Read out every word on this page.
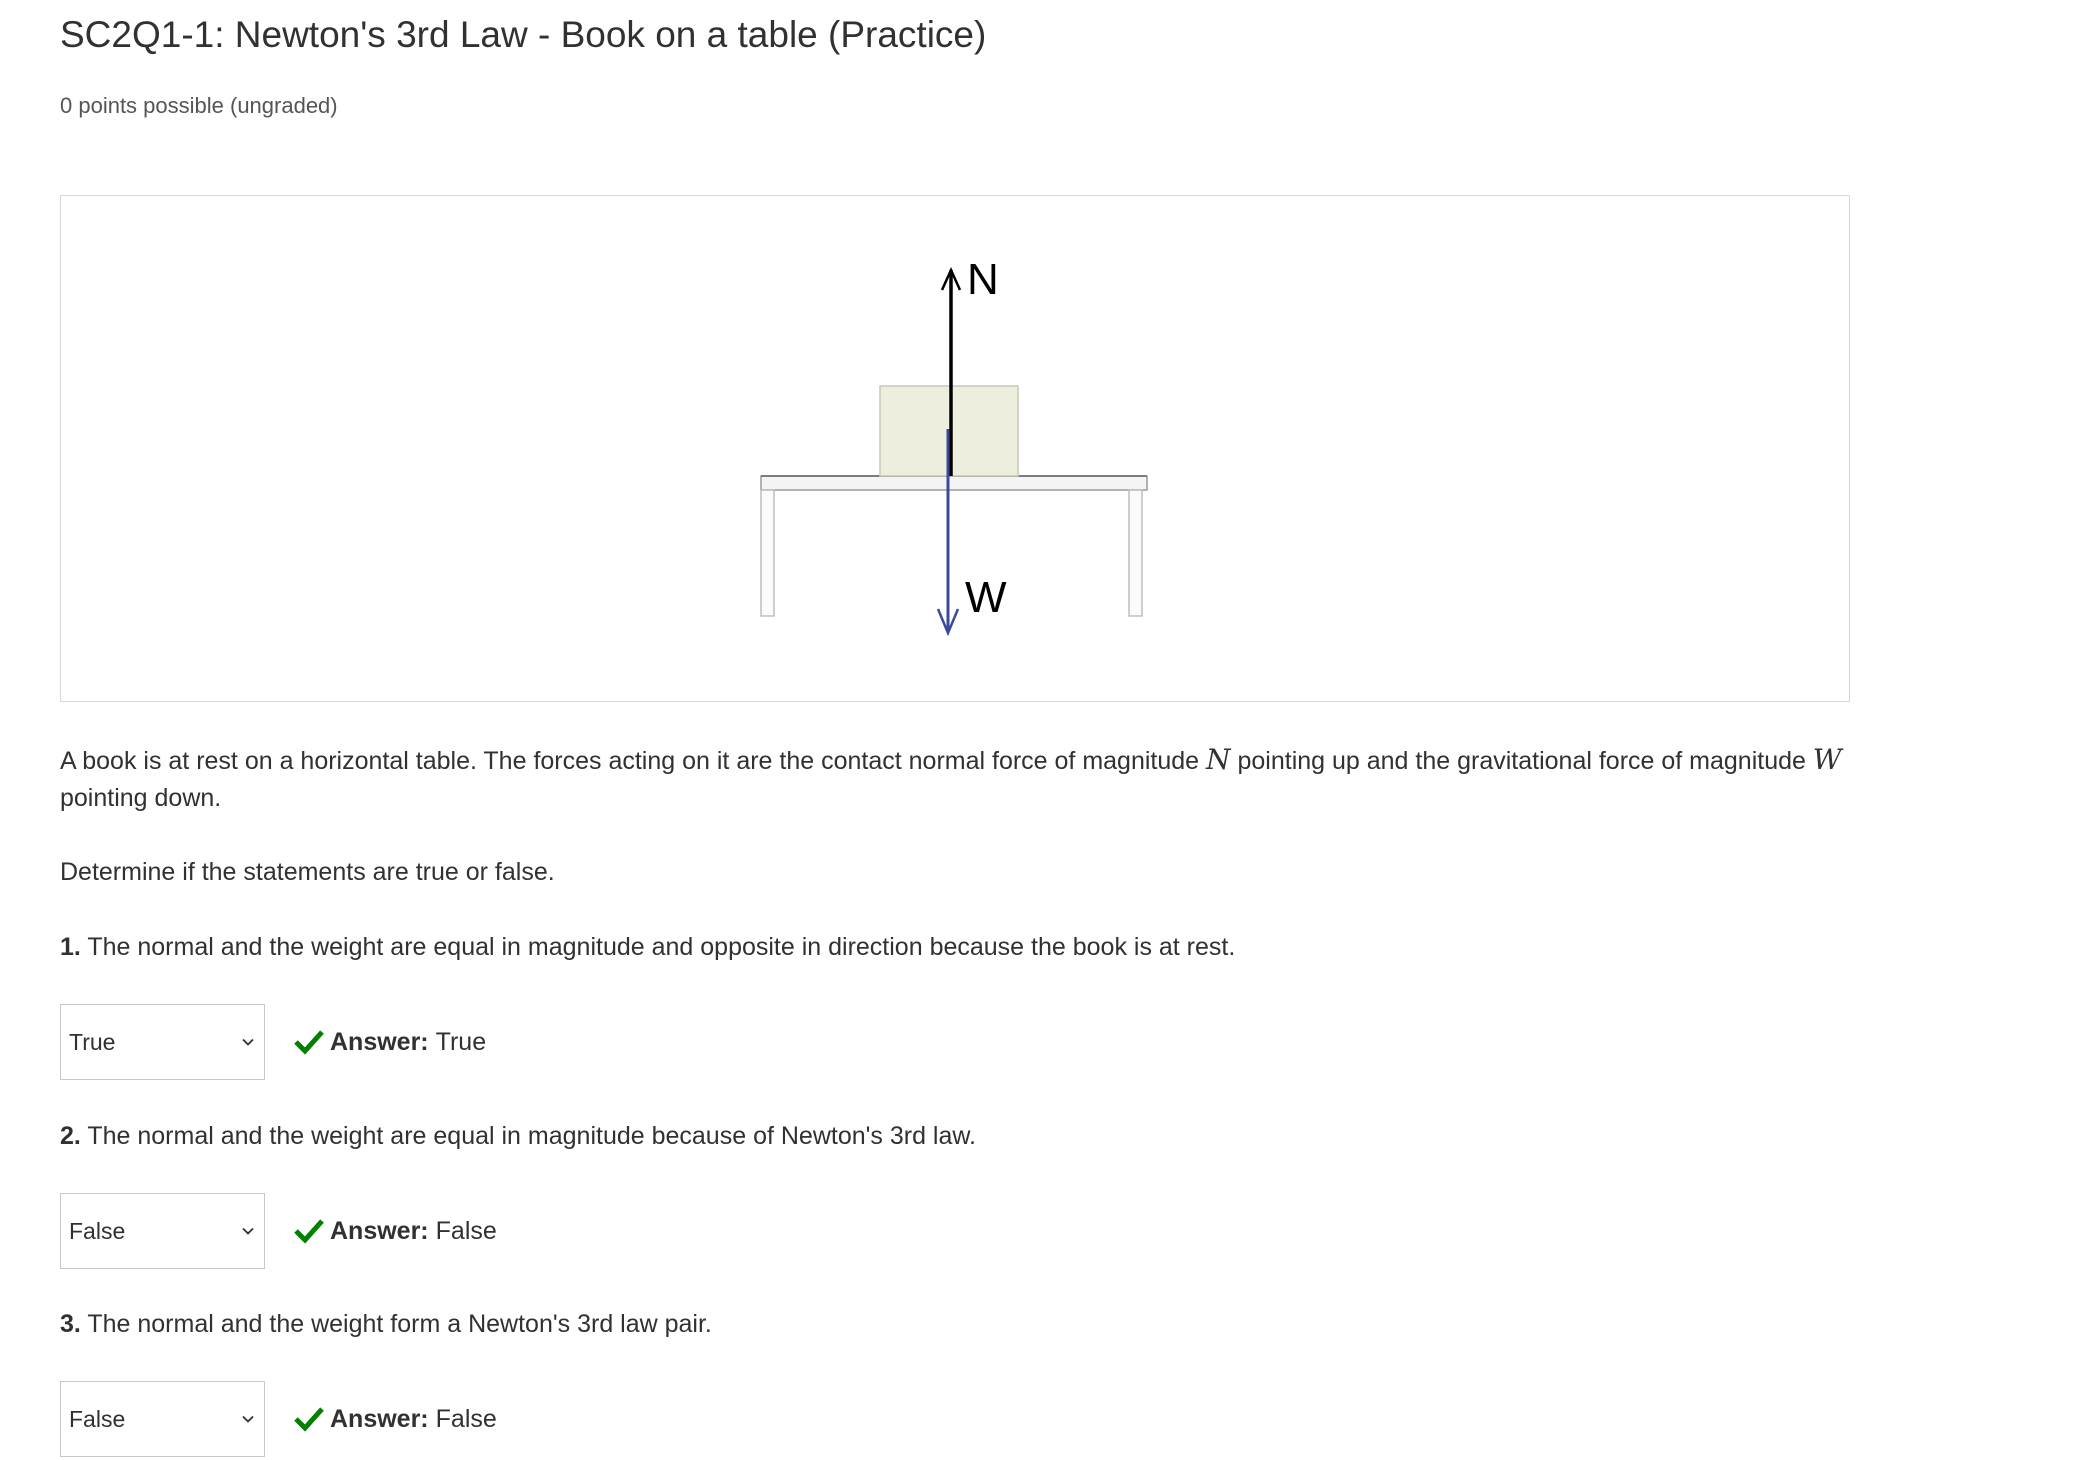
SC2Q1-1: Newton's 3rd Law - Book on a table (Practice)
0 points possible (ungraded)
N
W
A book is at rest on a horizontal table. The forces acting on it are the contact normal force of magnitude N pointing up and the gravitational force of magnitude W pointing down.
Determine if the statements are true or false.
1. The normal and the weight are equal in magnitude and opposite in direction because the book is at rest.
True	Answer: True
2. The normal and the weight are equal in magnitude because of Newton's 3rd law.
False	Answer: False
3. The normal and the weight form a Newton's 3rd law pair.
False	Answer: False
